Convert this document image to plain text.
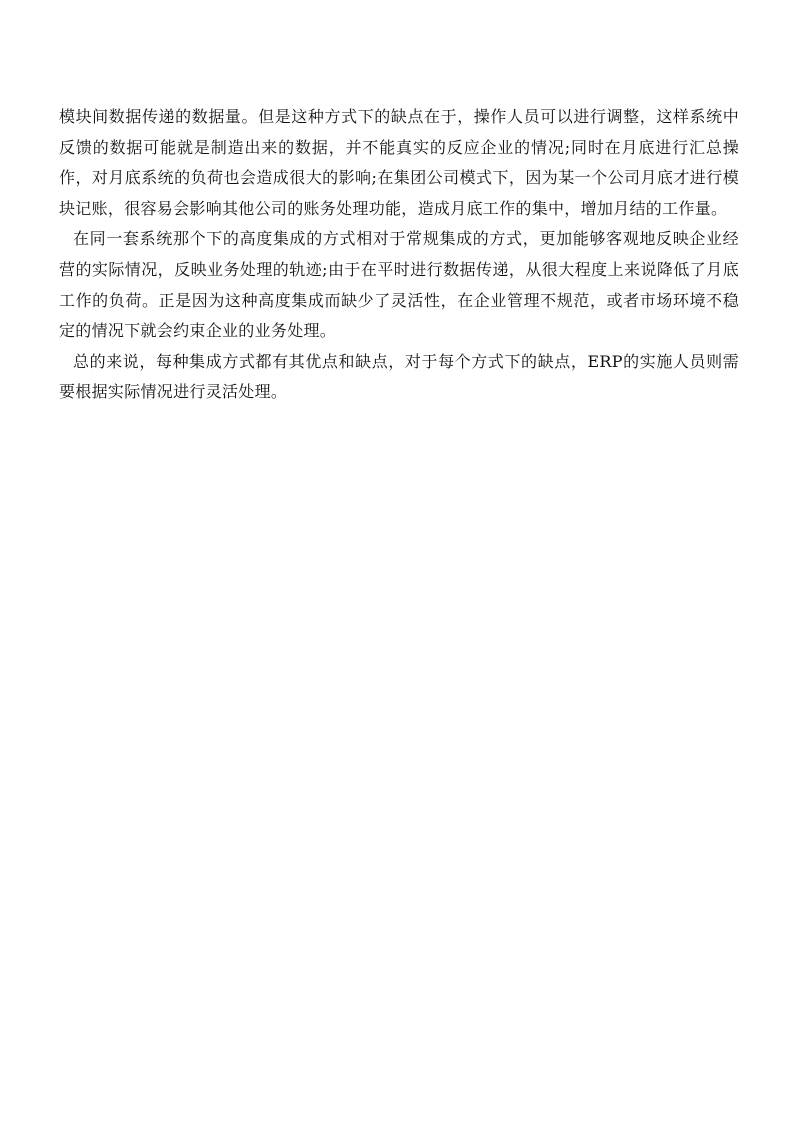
模块间数据传递的数据量。但是这种方式下的缺点在于，操作人员可以进行调整，这样系统中反馈的数据可能就是制造出来的数据，并不能真实的反应企业的情况;同时在月底进行汇总操作，对月底系统的负荷也会造成很大的影响;在集团公司模式下，因为某一个公司月底才进行模块记账，很容易会影响其他公司的账务处理功能，造成月底工作的集中，增加月结的工作量。

在同一套系统那个下的高度集成的方式相对于常规集成的方式，更加能够客观地反映企业经营的实际情况，反映业务处理的轨迹;由于在平时进行数据传递，从很大程度上来说降低了月底工作的负荷。正是因为这种高度集成而缺少了灵活性，在企业管理不规范，或者市场环境不稳定的情况下就会约束企业的业务处理。

总的来说，每种集成方式都有其优点和缺点，对于每个方式下的缺点，ERP的实施人员则需要根据实际情况进行灵活处理。
